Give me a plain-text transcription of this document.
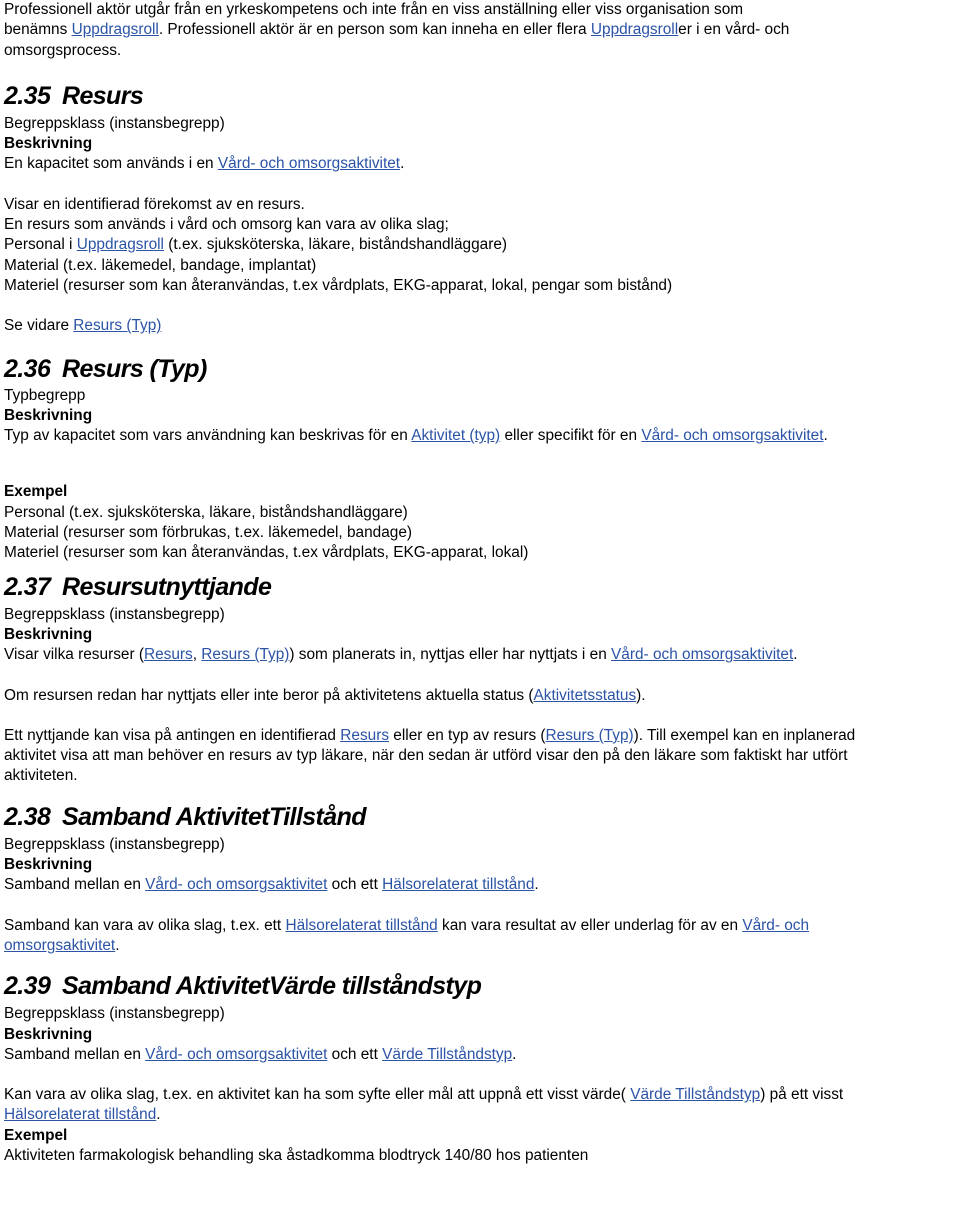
Professionell aktör utgår från en yrkeskompetens och inte från en viss anställning eller viss organisation som
benämns Uppdragsroll. Professionell aktör är en person som kan inneha en eller flera Uppdragsroller i en vård- och
omsorgsprocess.

2.35 Resurs

Begreppsklass (instansbegrepp)

Beskrivning

En kapacitet som används i en Vård- och omsorgsaktivitet.

Visar en identifierad förekomst av en resurs.

En resurs som används i vård och omsorg kan vara av olika slag;

Personal i Uppdragsroll (t.ex. sjuksköterska, läkare, biståndshandläggare)

Material (t.ex. läkemedel, bandage, implantat)

Materiel (resurser som kan återanvändas, t.ex vårdplats, EKG-apparat, lokal, pengar som bistånd)

Se vidare Resurs (Typ)

2.36 Resurs (Typ)

Typbegrepp

Beskrivning

Typ av kapacitet som vars användning kan beskrivas för en Aktivitet (typ) eller specifikt för en Vård- och omsorgsaktivitet.

Exempel

Personal (t.ex. sjuksköterska, läkare, biståndshandläggare)

Material (resurser som förbrukas, t.ex. läkemedel, bandage)

Materiel (resurser som kan återanvändas, t.ex vårdplats, EKG-apparat, lokal)

2.37 Resursutnyttjande

Begreppsklass (instansbegrepp)

Beskrivning

Visar vilka resurser (Resurs, Resurs (Typ)) som planerats in, nyttjas eller har nyttjats i en Vård- och omsorgsaktivitet.

Om resursen redan har nyttjats eller inte beror på aktivitetens aktuella status (Aktivitetsstatus).

Ett nyttjande kan visa på antingen en identifierad Resurs eller en typ av resurs (Resurs (Typ)). Till exempel kan en inplanerad
aktivitet visa att man behöver en resurs av typ läkare, när den sedan är utförd visar den på den läkare som faktiskt har utfört
aktiviteten.

2.38 Samband AktivitetTillstånd

Begreppsklass (instansbegrepp)

Beskrivning

Samband mellan en Vård- och omsorgsaktivitet och ett Hälsorelaterat tillstånd.

Samband kan vara av olika slag, t.ex. ett Hälsorelaterat tillstånd kan vara resultat av eller underlag för av en Vård- och
omsorgsaktivitet.

2.39 Samband AktivitetVärde tillståndstyp

Begreppsklass (instansbegrepp)

Beskrivning

Samband mellan en Vård- och omsorgsaktivitet och ett Värde Tillståndstyp.

Kan vara av olika slag, t.ex. en aktivitet kan ha som syfte eller mål att uppnå ett visst värde( Värde Tillståndstyp) på ett visst
Hälsorelaterat tillstånd.

Exempel

Aktiviteten farmakologisk behandling ska åstadkomma blodtryck 140/80 hos patienten
